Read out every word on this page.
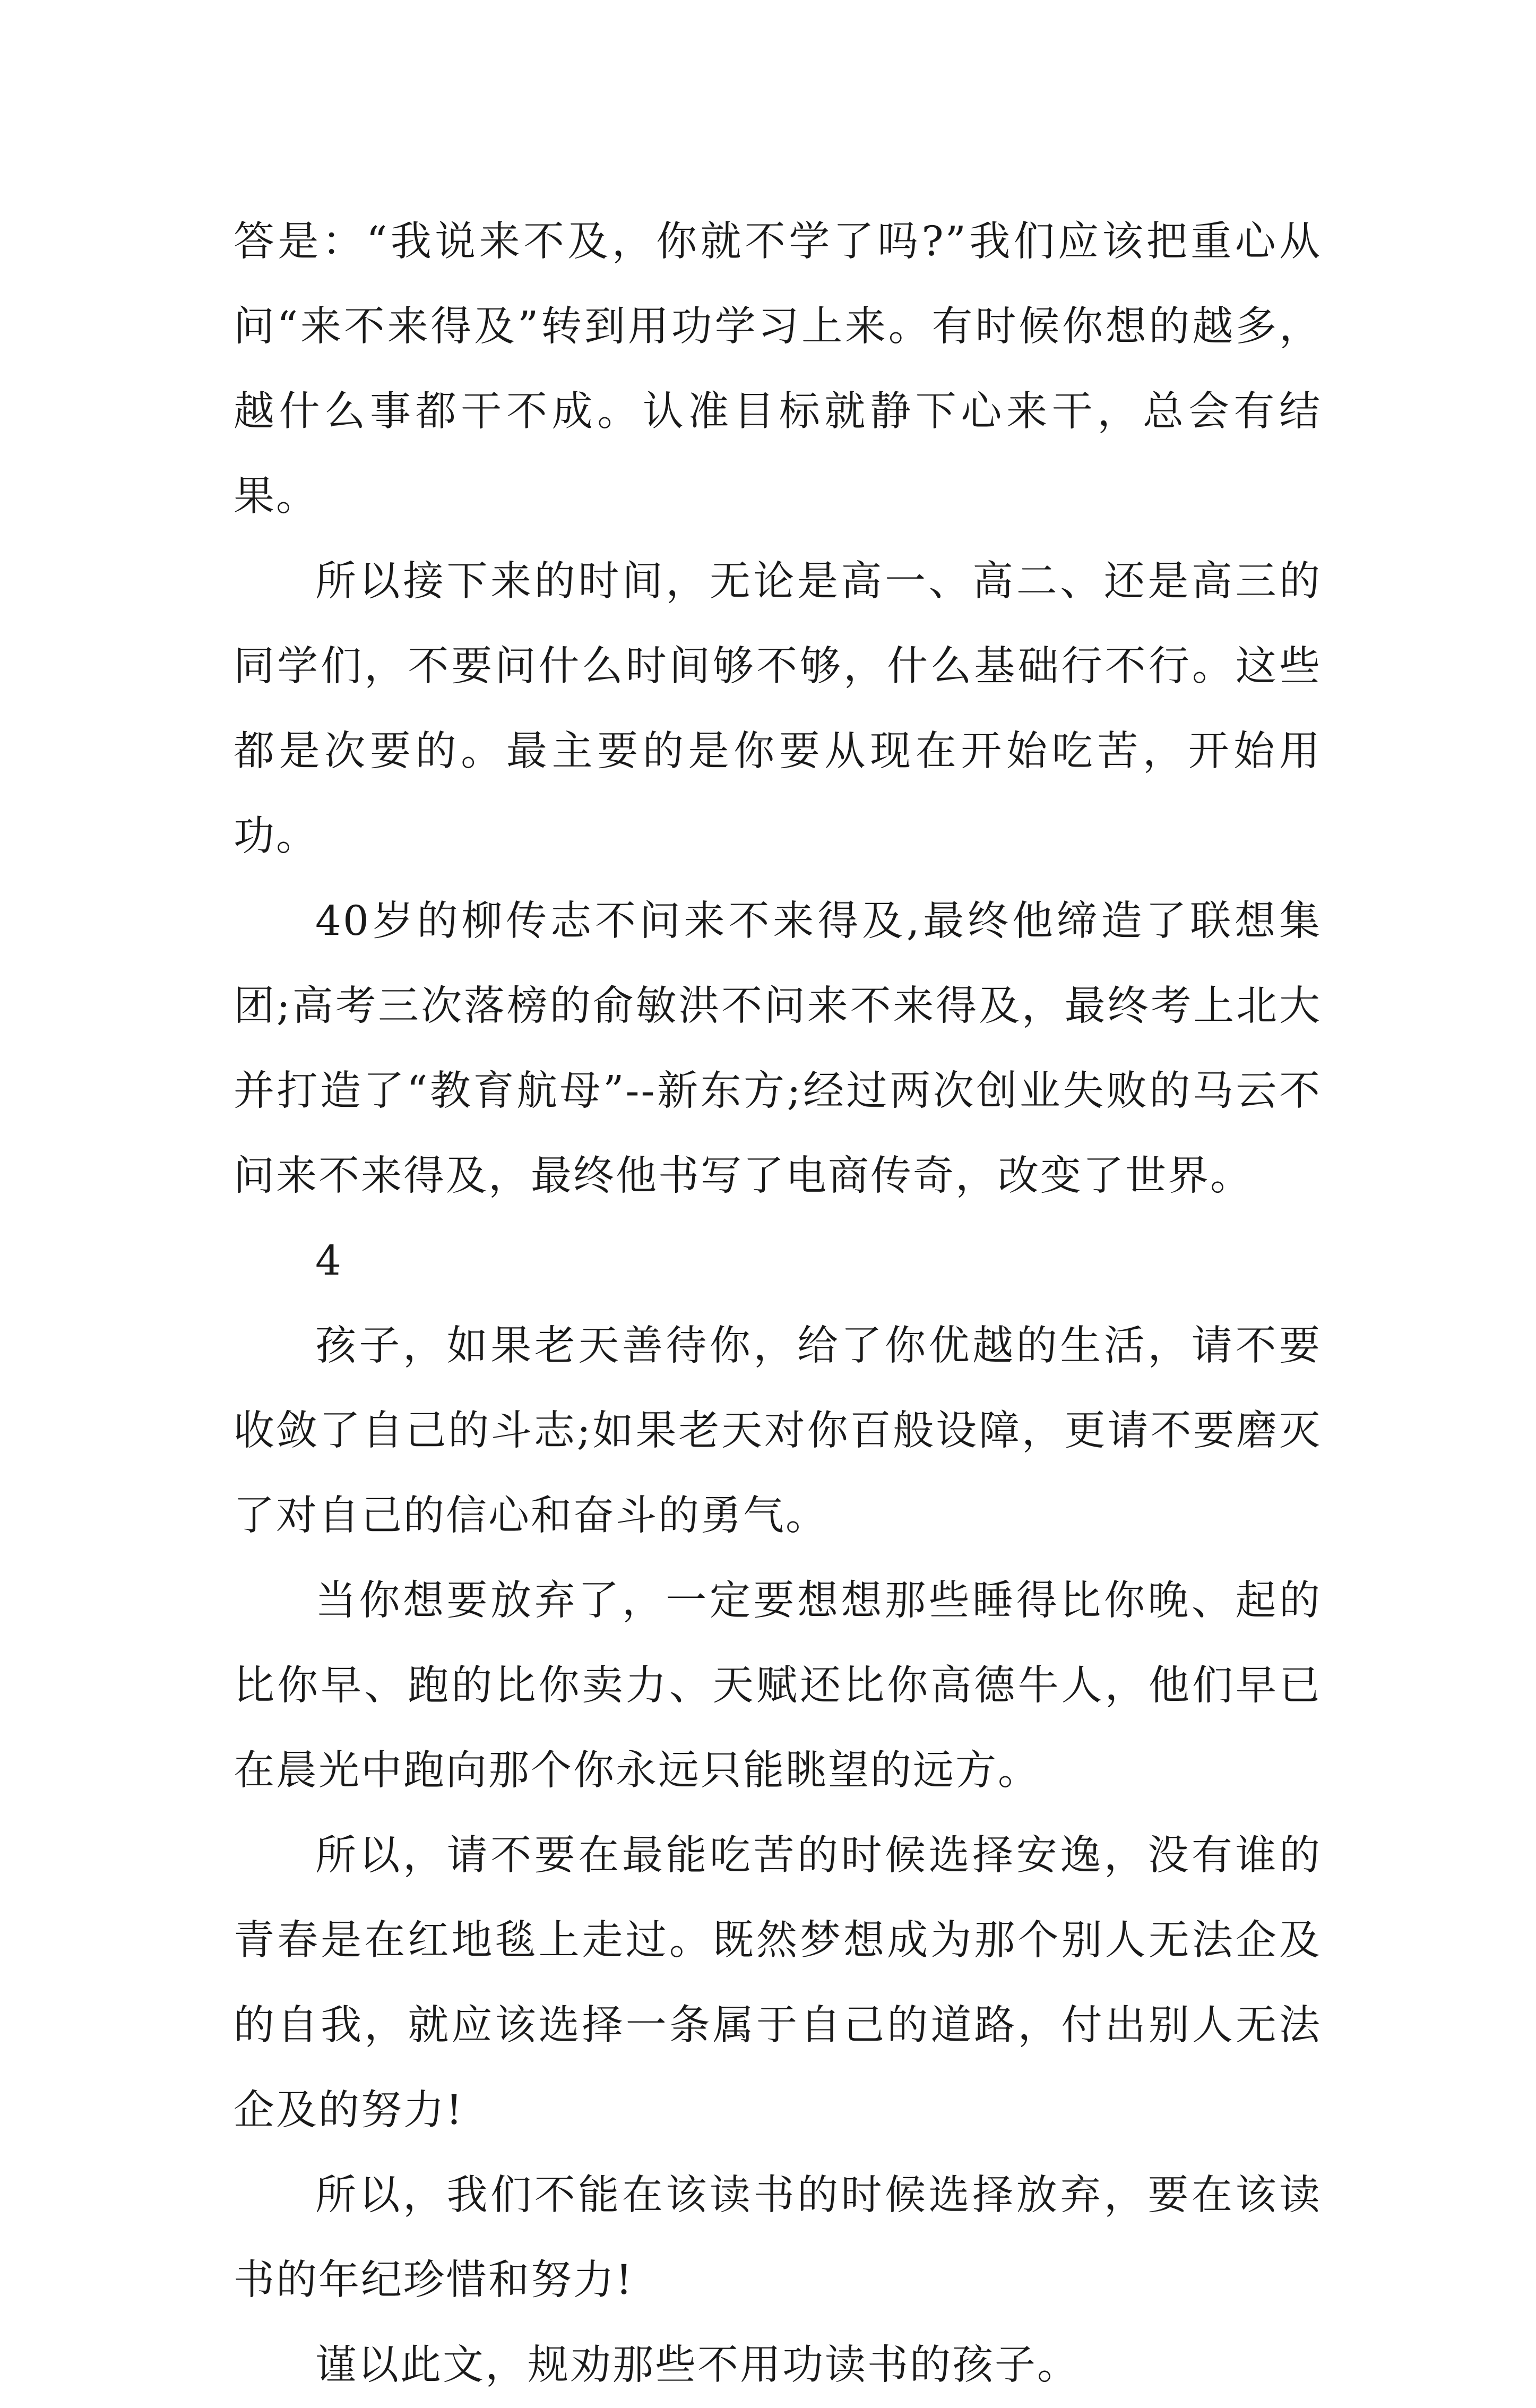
答是：“我说来不及，你就不学了吗?”我们应该把重心从问“来不来得及”转到用功学习上来。有时候你想的越多，越什么事都干不成。认准目标就静下心来干，总会有结果。

所以接下来的时间，无论是高一、高二、还是高三的同学们，不要问什么时间够不够，什么基础行不行。这些都是次要的。最主要的是你要从现在开始吃苦，开始用功。

40岁的柳传志不问来不来得及,最终他缔造了联想集团;高考三次落榜的俞敏洪不问来不来得及，最终考上北大并打造了“教育航母”--新东方;经过两次创业失败的马云不问来不来得及，最终他书写了电商传奇，改变了世界。

4

孩子，如果老天善待你，给了你优越的生活，请不要收敛了自己的斗志;如果老天对你百般设障，更请不要磨灭了对自己的信心和奋斗的勇气。

当你想要放弃了，一定要想想那些睡得比你晚、起的比你早、跑的比你卖力、天赋还比你高德牛人，他们早已在晨光中跑向那个你永远只能眺望的远方。

所以，请不要在最能吃苦的时候选择安逸，没有谁的青春是在红地毯上走过。既然梦想成为那个别人无法企及的自我，就应该选择一条属于自己的道路，付出别人无法企及的努力!

所以，我们不能在该读书的时候选择放弃，要在该读书的年纪珍惜和努力!

谨以此文，规劝那些不用功读书的孩子。
